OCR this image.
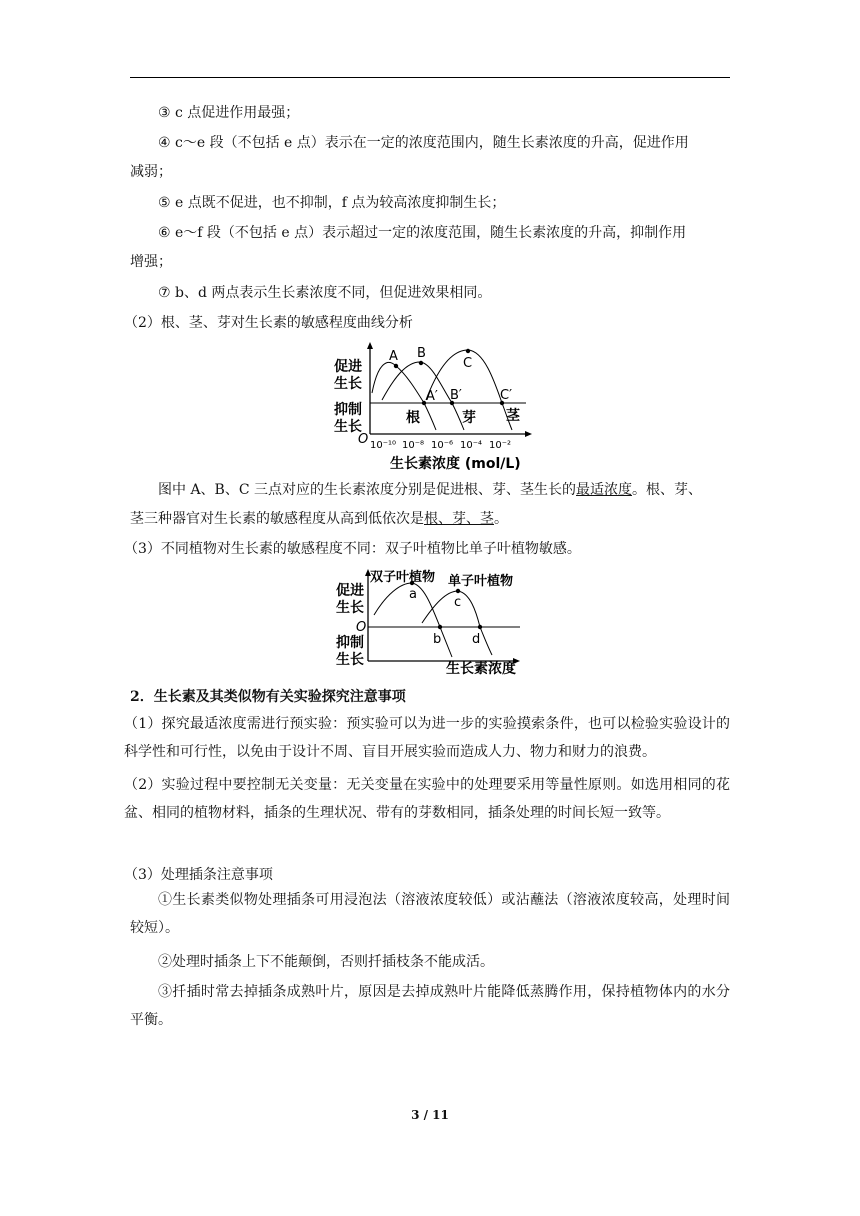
③ c 点促进作用最强；
④ c～e 段（不包括 e 点）表示在一定的浓度范围内，随生长素浓度的升高，促进作用
减弱；
⑤ e 点既不促进，也不抑制，f 点为较高浓度抑制生长；
⑥ e～f 段（不包括 e 点）表示超过一定的浓度范围，随生长素浓度的升高，抑制作用
增强；
⑦ b、d 两点表示生长素浓度不同，但促进效果相同。
（2）根、茎、芽对生长素的敏感程度曲线分析
促进
生长
抑制
生长
O
A B
C
A′ B′	C′
根	芽 茎
10⁻¹⁰ 10⁻⁸ 10⁻⁶ 10⁻⁴ 10⁻²
生长素浓度 (mol/L)
图中 A、B、C 三点对应的生长素浓度分别是促进根、芽、茎生长的最适浓度。根、芽、
茎三种器官对生长素的敏感程度从高到低依次是根、芽、茎。
（3）不同植物对生长素的敏感程度不同：双子叶植物比单子叶植物敏感。
促进
生长
O
抑制
生长
双子叶植物 单子叶植物
a
c
b d
生长素浓度
2．生长素及其类似物有关实验探究注意事项
（1）探究最适浓度需进行预实验：预实验可以为进一步的实验摸索条件，也可以检验实验设计的科学性和可行性，以免由于设计不周、盲目开展实验而造成人力、物力和财力的浪费。
（2）实验过程中要控制无关变量：无关变量在实验中的处理要采用等量性原则。如选用相同的花盆、相同的植物材料，插条的生理状况、带有的芽数相同，插条处理的时间长短一致等。
（3）处理插条注意事项
①生长素类似物处理插条可用浸泡法（溶液浓度较低）或沾蘸法（溶液浓度较高，处理时间较短）。
②处理时插条上下不能颠倒，否则扦插枝条不能成活。
③扦插时常去掉插条成熟叶片，原因是去掉成熟叶片能降低蒸腾作用，保持植物体内的水分平衡。
3 / 11
